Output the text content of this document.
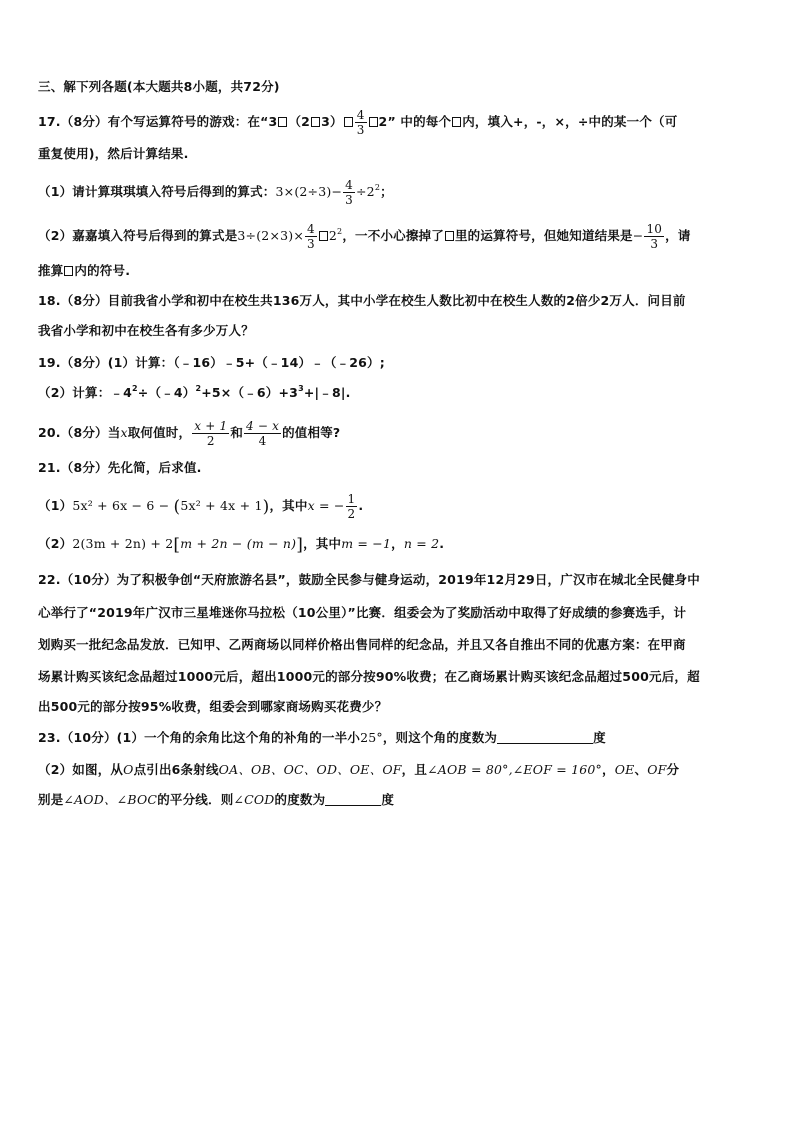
三、解下列各题(本大题共8小题，共72分)
17.（8分）有个写运算符号的游戏：在“3 （2 $3) \frac{4}{3} 2$” 中的每个 内，填入+，-，×，÷中的某一个（可
重复使用)，然后计算结果.
（1）请计算琪琪填入符号后得到的算式：$3\times(2\div 3)- \frac{4}{3} \div 2^2$；
（2）嘉嘉填入符号后得到的算式是$3\div(2\times 3)\times \frac{4}{3} 2^2$，一不小心擦掉了 里的运算符号，但她知道结果是− $\frac{10}{3}$ ，请
推算 内的符号.
18.（8分）目前我省小学和初中在校生共136万人，其中小学在校生人数比初中在校生人数的2倍少2万人．问目前
我省小学和初中在校生各有多少万人？
19.（8分）(1）计算：（﹣16）﹣5+（﹣14）﹣（﹣26）;
（2）计算：$﹣4^2\div(﹣4)^2+5\times(﹣6)+3^3+|﹣8|$.
20.（8分）当x取何值时， $\frac{x + 1}{2}$ 和 $\frac{4 - x}{4}$ 的值相等?
21.（8分）先化简，后求值.
（1）5x² + 6x − 6 − (5x² + 4x + 1)，其中x = − $\frac{1}{2}$ .
（2）2(3m + 2n) + 2[m + 2n − (m − n)]，其中m = −1，n = 2.
22.（10分）为了积极争创“天府旅游名县”，鼓励全民参与健身运动，2019年12月29日，广汉市在城北全民健身中
心举行了“2019年广汉市三星堆迷你马拉松（10公里）”比赛．组委会为了奖励活动中取得了好成绩的参赛选手，计
划购买一批纪念品发放．已知甲、乙两商场以同样价格出售同样的纪念品，并且又各自推出不同的优惠方案：在甲商
场累计购买该纪念品超过1000元后，超出1000元的部分按90%收费；在乙商场累计购买该纪念品超过500元后，超
出500元的部分按95%收费，组委会到哪家商场购买花费少？
23.（10分）(1）一个角的余角比这个角的补角的一半小25°，则这个角的度数为	度
（2）如图，从O点引出6条射线OA、OB、OC、OD、OE、OF，且∠AOB = 80°,∠EOF = 160°，OE、OF分
别是∠AOD、∠BOC的平分线．则∠COD的度数为	度
